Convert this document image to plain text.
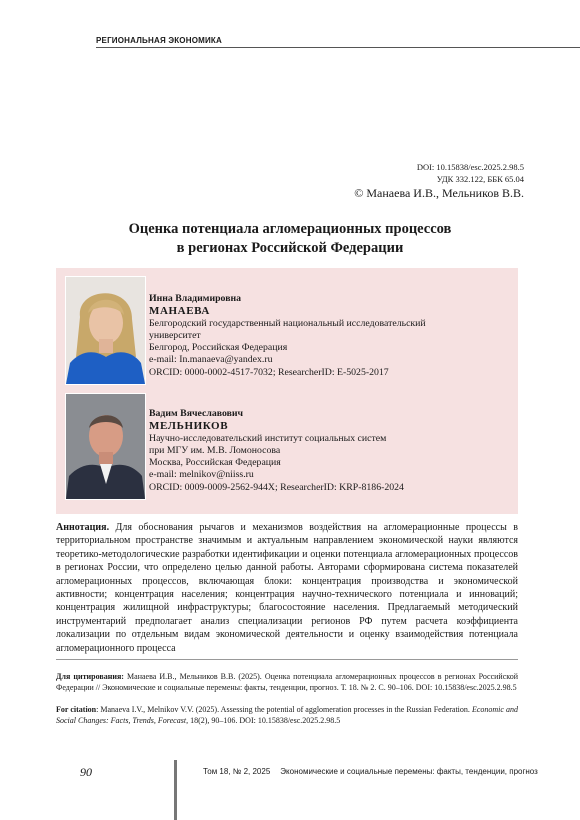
РЕГИОНАЛЬНАЯ ЭКОНОМИКА
DOI: 10.15838/esc.2025.2.98.5
УДК 332.122, ББК 65.04
© Манаева И.В., Мельников В.В.
Оценка потенциала агломерационных процессов
в регионах Российской Федерации
Инна Владимировна
МАНАЕВА
Белгородский государственный национальный исследовательский
университет
Белгород, Российская Федерация
e-mail: In.manaeva@yandex.ru
ORCID: 0000-0002-4517-7032; ResearcherID: E-5025-2017
Вадим Вячеславович
МЕЛЬНИКОВ
Научно-исследовательский институт социальных систем
при МГУ им. М.В. Ломоносова
Москва, Российская Федерация
e-mail: melnikov@niiss.ru
ORCID: 0009-0009-2562-944X; ResearcherID: KRP-8186-2024
Аннотация. Для обоснования рычагов и механизмов воздействия на агломерационные процессы в территориальном пространстве значимым и актуальным направлением экономической науки являются теоретико-методологические разработки идентификации и оценки потенциала агломерационных процессов в регионах России, что определено целью данной работы. Авторами сформирована система показателей агломерационных процессов, включающая блоки: концентрация производства и экономической активности; концентрация населения; концентрация научно-технического потенциала и инноваций; концентрация жилищной инфраструктуры; благосостояние населения. Предлагаемый методический инструментарий предполагает анализ специализации регионов РФ путем расчета коэффициента локализации по отдельным видам экономической деятельности и оценку взаимодействия потенциала агломерационного процесса
Для цитирования: Манаева И.В., Мельников В.В. (2025). Оценка потенциала агломерационных процессов в регионах Российской Федерации // Экономические и социальные перемены: факты, тенденции, прогноз. Т. 18. № 2. С. 90–106. DOI: 10.15838/esc.2025.2.98.5
For citation: Manaeva I.V., Melnikov V.V. (2025). Assessing the potential of agglomeration processes in the Russian Federation. Economic and Social Changes: Facts, Trends, Forecast, 18(2), 90–106. DOI: 10.15838/esc.2025.2.98.5
90	Том 18, № 2, 2025 Экономические и социальные перемены: факты, тенденции, прогноз
